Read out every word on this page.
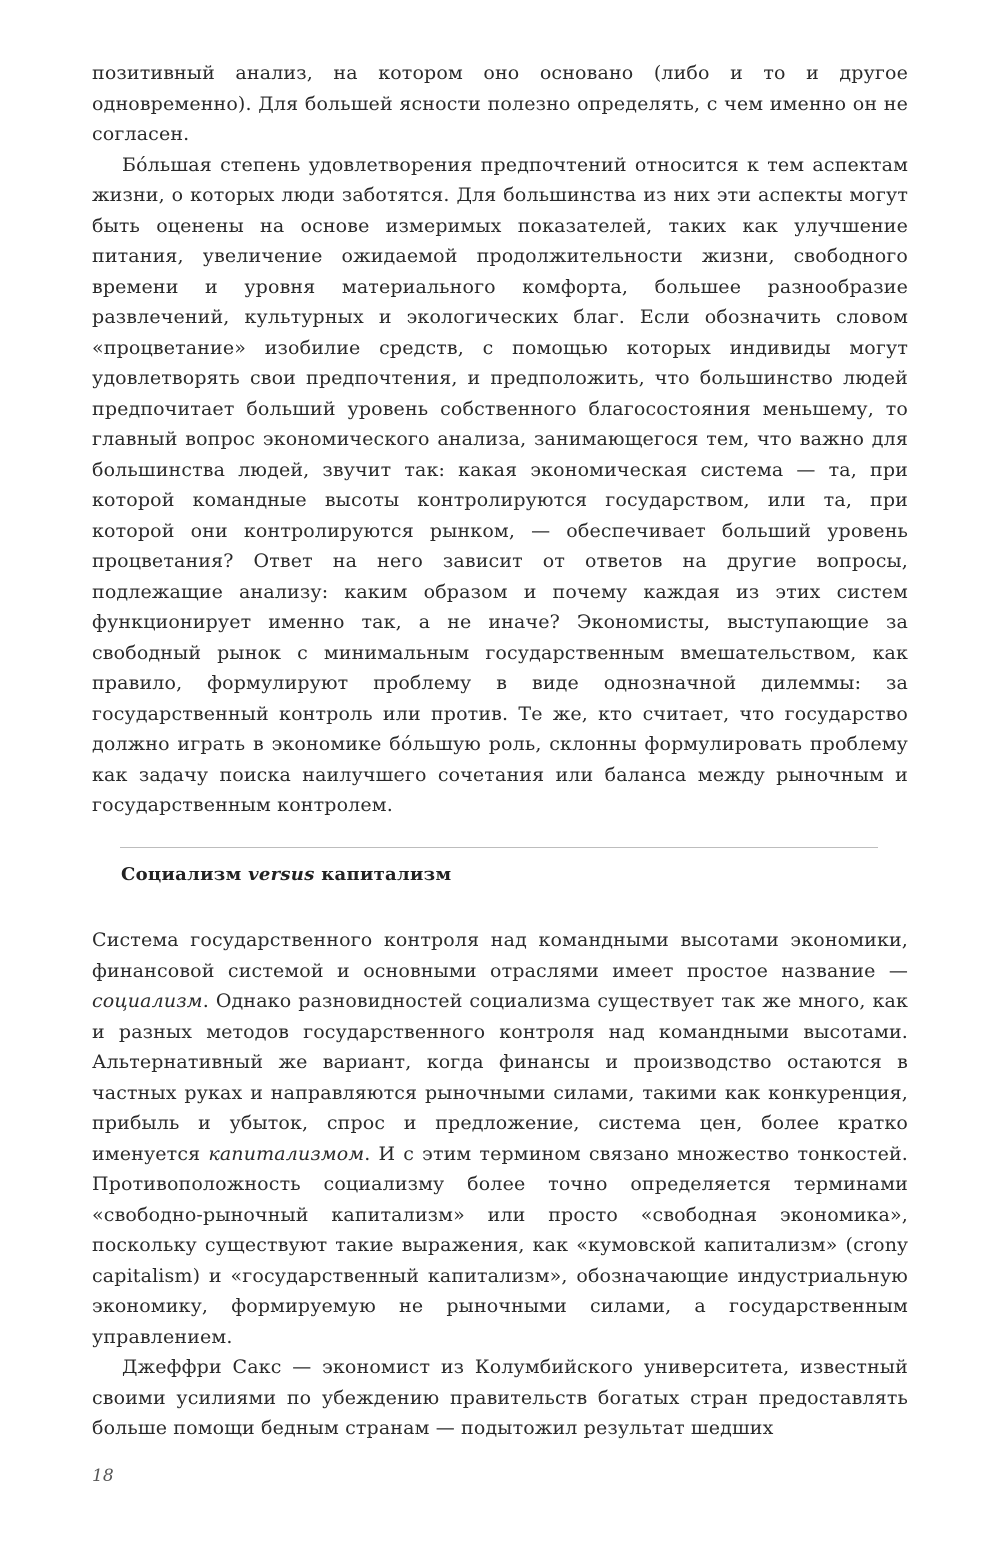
позитивный анализ, на котором оно основано (либо и то и другое одновременно). Для большей ясности полезно определять, с чем именно он не согласен.

Бóльшая степень удовлетворения предпочтений относится к тем аспектам жизни, о которых люди заботятся. Для большинства из них эти аспекты могут быть оценены на основе измеримых показателей, таких как улучшение питания, увеличение ожидаемой продолжительности жизни, свободного времени и уровня материального комфорта, большее разнообразие развлечений, культурных и экологических благ. Если обозначить словом «процветание» изобилие средств, с помощью которых индивиды могут удовлетворять свои предпочтения, и предположить, что большинство людей предпочитает больший уровень собственного благосостояния меньшему, то главный вопрос экономического анализа, занимающегося тем, что важно для большинства людей, звучит так: какая экономическая система — та, при которой командные высоты контролируются государством, или та, при которой они контролируются рынком, — обеспечивает больший уровень процветания? Ответ на него зависит от ответов на другие вопросы, подлежащие анализу: каким образом и почему каждая из этих систем функционирует именно так, а не иначе? Экономисты, выступающие за свободный рынок с минимальным государственным вмешательством, как правило, формулируют проблему в виде однозначной дилеммы: за государственный контроль или против. Те же, кто считает, что государство должно играть в экономике бóльшую роль, склонны формулировать проблему как задачу поиска наилучшего сочетания или баланса между рыночным и государственным контролем.

Социализм versus капитализм

Система государственного контроля над командными высотами экономики, финансовой системой и основными отраслями имеет простое название — социализм. Однако разновидностей социализма существует так же много, как и разных методов государственного контроля над командными высотами. Альтернативный же вариант, когда финансы и производство остаются в частных руках и направляются рыночными силами, такими как конкуренция, прибыль и убыток, спрос и предложение, система цен, более кратко именуется капитализмом. И с этим термином связано множество тонкостей. Противоположность социализму более точно определяется терминами «свободно-рыночный капитализм» или просто «свободная экономика», поскольку существуют такие выражения, как «кумовской капитализм» (crony capitalism) и «государственный капитализм», обозначающие индустриальную экономику, формируемую не рыночными силами, а государственным управлением.

Джеффри Сакс — экономист из Колумбийского университета, известный своими усилиями по убеждению правительств богатых стран предоставлять больше помощи бедным странам — подытожил результат шедших

18
